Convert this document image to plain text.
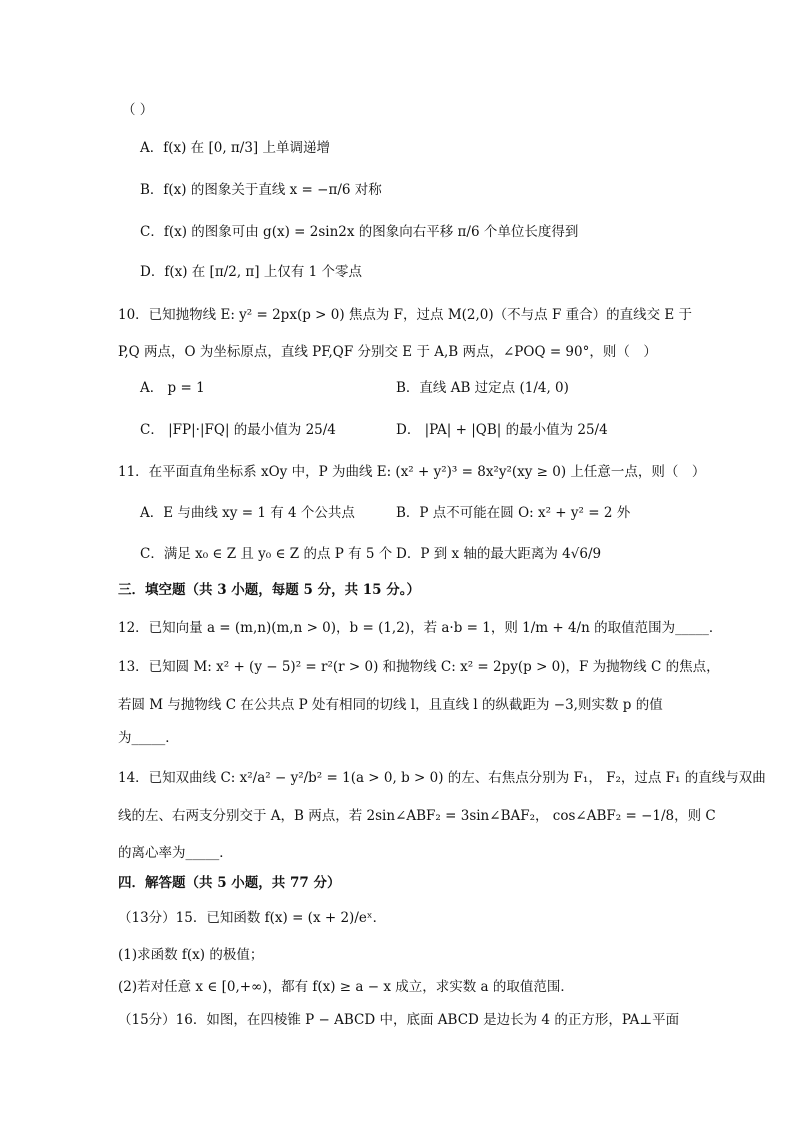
（ ）
A．f(x) 在 [0, π/3] 上单调递增
B．f(x) 的图象关于直线 x = −π/6 对称
C．f(x) 的图象可由 g(x) = 2sin2x 的图象向右平移 π/6 个单位长度得到
D．f(x) 在 [π/2, π] 上仅有 1 个零点
10．已知抛物线 E: y² = 2px(p > 0) 焦点为 F，过点 M(2,0)（不与点 F 重合）的直线交 E 于
P,Q 两点，O 为坐标原点，直线 PF,QF 分别交 E 于 A,B 两点，∠POQ = 90°，则（　）
A． p = 1	B．直线 AB 过定点 (1/4, 0)
C． |FP|·|FQ| 的最小值为 25/4	D． |PA| + |QB| 的最小值为 25/4
11．在平面直角坐标系 xOy 中，P 为曲线 E: (x² + y²)³ = 8x²y²(xy ≥ 0) 上任意一点，则（　）
A．E 与曲线 xy = 1 有 4 个公共点	B．P 点不可能在圆 O: x² + y² = 2 外
C．满足 x₀ ∈ Z 且 y₀ ∈ Z 的点 P 有 5 个 D．P 到 x 轴的最大距离为 4√6/9
三．填空题（共 3 小题，每题 5 分，共 15 分。）
12．已知向量 a = (m,n)(m,n > 0)，b = (1,2)，若 a·b = 1，则 1/m + 4/n 的取值范围为_____．
13．已知圆 M: x² + (y − 5)² = r²(r > 0) 和抛物线 C: x² = 2py(p > 0)，F 为抛物线 C 的焦点，
若圆 M 与抛物线 C 在公共点 P 处有相同的切线 l，且直线 l 的纵截距为 −3,则实数 p 的值
为_____．
14．已知双曲线 C: x²/a² − y²/b² = 1(a > 0, b > 0) 的左、右焦点分别为 F₁， F₂，过点 F₁ 的直线与双曲
线的左、右两支分别交于 A，B 两点，若 2sin∠ABF₂ = 3sin∠BAF₂， cos∠ABF₂ = −1/8，则 C
的离心率为_____．
四．解答题（共 5 小题，共 77 分）
（13分）15．已知函数 f(x) = (x + 2)/eˣ．
(1)求函数 f(x) 的极值；
(2)若对任意 x ∈ [0,+∞)，都有 f(x) ≥ a − x 成立，求实数 a 的取值范围．
（15分）16．如图，在四棱锥 P − ABCD 中，底面 ABCD 是边长为 4 的正方形，PA⊥平面
